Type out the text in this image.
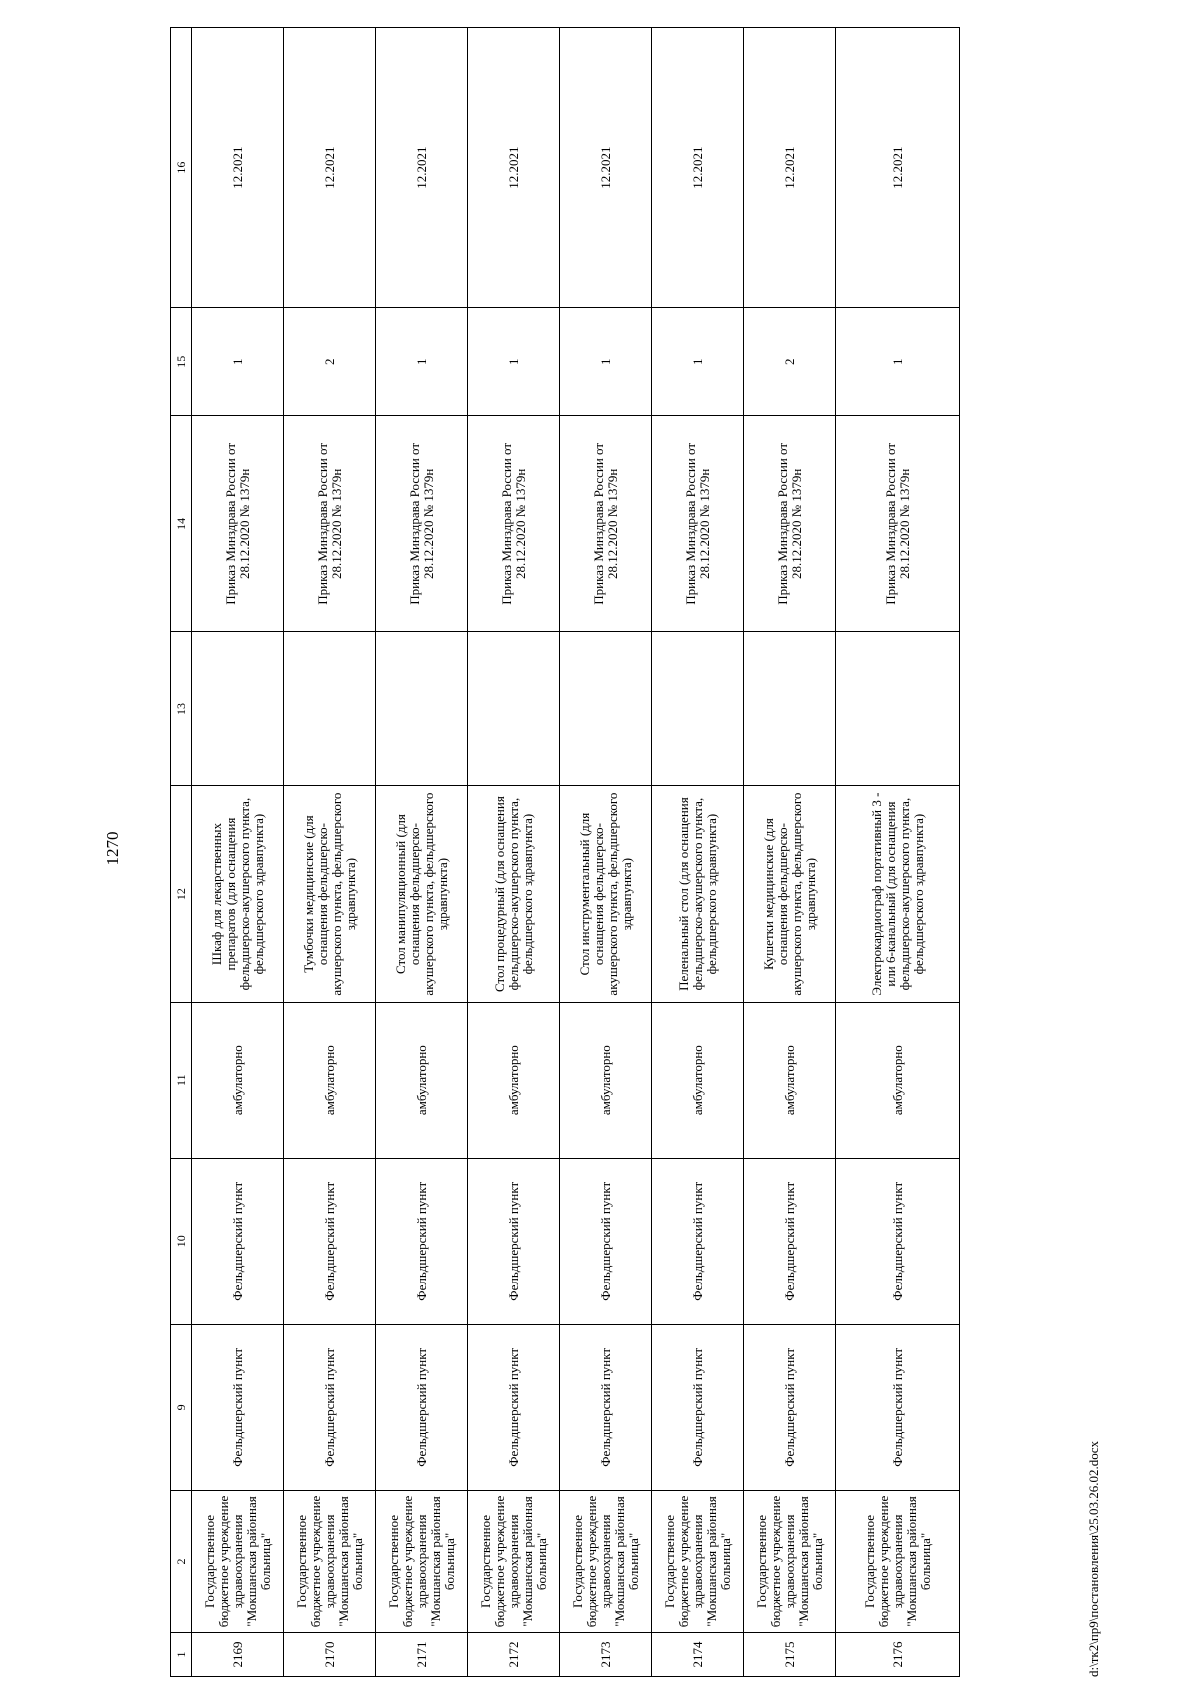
1270
1	2	9	10	11	12	13	14	15	16
2169	Государственное бюджетное учреждение здравоохранения "Мокшанская районная больница"	Фельдшерский пункт	Фельдшерский пункт	амбулаторно	Шкаф для лекарственных препаратов (для оснащения фельдшерско-акушерского пункта, фельдшерского здравпункта)		Приказ Минздрава России от 28.12.2020 № 1379н	1	12.2021
2170	Государственное бюджетное учреждение здравоохранения "Мокшанская районная больница"	Фельдшерский пункт	Фельдшерский пункт	амбулаторно	Тумбочки медицинские (для оснащения фельдшерско-акушерского пункта, фельдшерского здравпункта)		Приказ Минздрава России от 28.12.2020 № 1379н	2	12.2021
2171	Государственное бюджетное учреждение здравоохранения "Мокшанская районная больница"	Фельдшерский пункт	Фельдшерский пункт	амбулаторно	Стол манипуляционный (для оснащения фельдшерско-акушерского пункта, фельдшерского здравпункта)		Приказ Минздрава России от 28.12.2020 № 1379н	1	12.2021
2172	Государственное бюджетное учреждение здравоохранения "Мокшанская районная больница"	Фельдшерский пункт	Фельдшерский пункт	амбулаторно	Стол процедурный (для оснащения фельдшерско-акушерского пункта, фельдшерского здравпункта)		Приказ Минздрава России от 28.12.2020 № 1379н	1	12.2021
2173	Государственное бюджетное учреждение здравоохранения "Мокшанская районная больница"	Фельдшерский пункт	Фельдшерский пункт	амбулаторно	Стол инструментальный (для оснащения фельдшерско-акушерского пункта, фельдшерского здравпункта)		Приказ Минздрава России от 28.12.2020 № 1379н	1	12.2021
2174	Государственное бюджетное учреждение здравоохранения "Мокшанская районная больница"	Фельдшерский пункт	Фельдшерский пункт	амбулаторно	Пеленальный стол (для оснащения фельдшерско-акушерского пункта, фельдшерского здравпункта)		Приказ Минздрава России от 28.12.2020 № 1379н	1	12.2021
2175	Государственное бюджетное учреждение здравоохранения "Мокшанская районная больница"	Фельдшерский пункт	Фельдшерский пункт	амбулаторно	Кушетки медицинские (для оснащения фельдшерско-акушерского пункта, фельдшерского здравпункта)		Приказ Минздрава России от 28.12.2020 № 1379н	2	12.2021
2176	Государственное бюджетное учреждение здравоохранения "Мокшанская районная больница"	Фельдшерский пункт	Фельдшерский пункт	амбулаторно	Электрокардиограф портативный 3 - или 6-канальный (для оснащения фельдшерско-акушерского пункта, фельдшерского здравпункта)		Приказ Минздрава России от 28.12.2020 № 1379н	1	12.2021
d:\тк2\пр9\постановления\25.03.26.02.docx
